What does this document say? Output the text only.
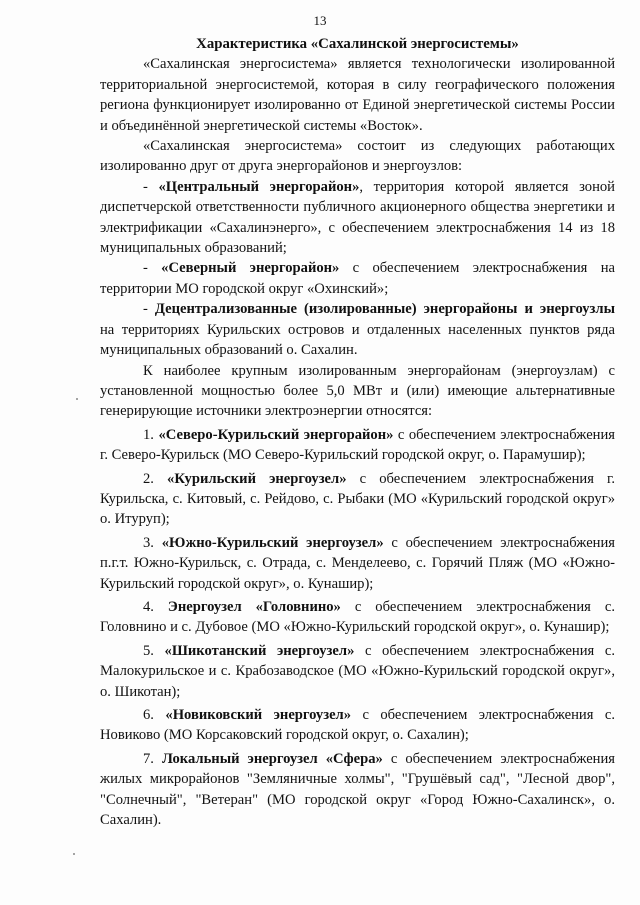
13
Характеристика «Сахалинской энергосистемы»

«Сахалинская энергосистема» является технологически изолированной территориальной энергосистемой, которая в силу географического положения региона функционирует изолированно от Единой энергетической системы России и объединённой энергетической системы «Восток».

«Сахалинская энергосистема» состоит из следующих работающих изолированно друг от друга энергорайонов и энергоузлов:

- «Центральный энергорайон», территория которой является зоной диспетчерской ответственности публичного акционерного общества энергетики и электрификации «Сахалинэнерго», с обеспечением электроснабжения 14 из 18 муниципальных образований;

- «Северный энергорайон» с обеспечением электроснабжения на территории МО городской округ «Охинский»;

- Децентрализованные (изолированные) энергорайоны и энергоузлы на территориях Курильских островов и отдаленных населенных пунктов ряда муниципальных образований о. Сахалин.

К наиболее крупным изолированным энергорайонам (энергоузлам) с установленной мощностью более 5,0 МВт и (или) имеющие альтернативные генерирующие источники электроэнергии относятся:

1. «Северо-Курильский энергорайон» с обеспечением электроснабжения г. Северо-Курильск (МО Северо-Курильский городской округ, о. Парамушир);

2. «Курильский энергоузел» с обеспечением электроснабжения г. Курильска, с. Китовый, с. Рейдово, с. Рыбаки (МО «Курильский городской округ» о. Итуруп);

3. «Южно-Курильский энергоузел» с обеспечением электроснабжения п.г.т. Южно-Курильск, с. Отрада, с. Менделеево, с. Горячий Пляж (МО «Южно-Курильский городской округ», о. Кунашир);

4. Энергоузел «Головнино» с обеспечением электроснабжения с. Головнино и с. Дубовое (МО «Южно-Курильский городской округ», о. Кунашир);

5. «Шикотанский энергоузел» с обеспечением электроснабжения с. Малокурильское и с. Крабозаводское (МО «Южно-Курильский городской округ», о. Шикотан);

6. «Новиковский энергоузел» с обеспечением электроснабжения с. Новиково (МО Корсаковский городской округ, о. Сахалин);

7. Локальный энергоузел «Сфера» с обеспечением электроснабжения жилых микрорайонов "Земляничные холмы", "Грушёвый сад", "Лесной двор", "Солнечный", "Ветеран" (МО городской округ «Город Южно-Сахалинск», о. Сахалин).
